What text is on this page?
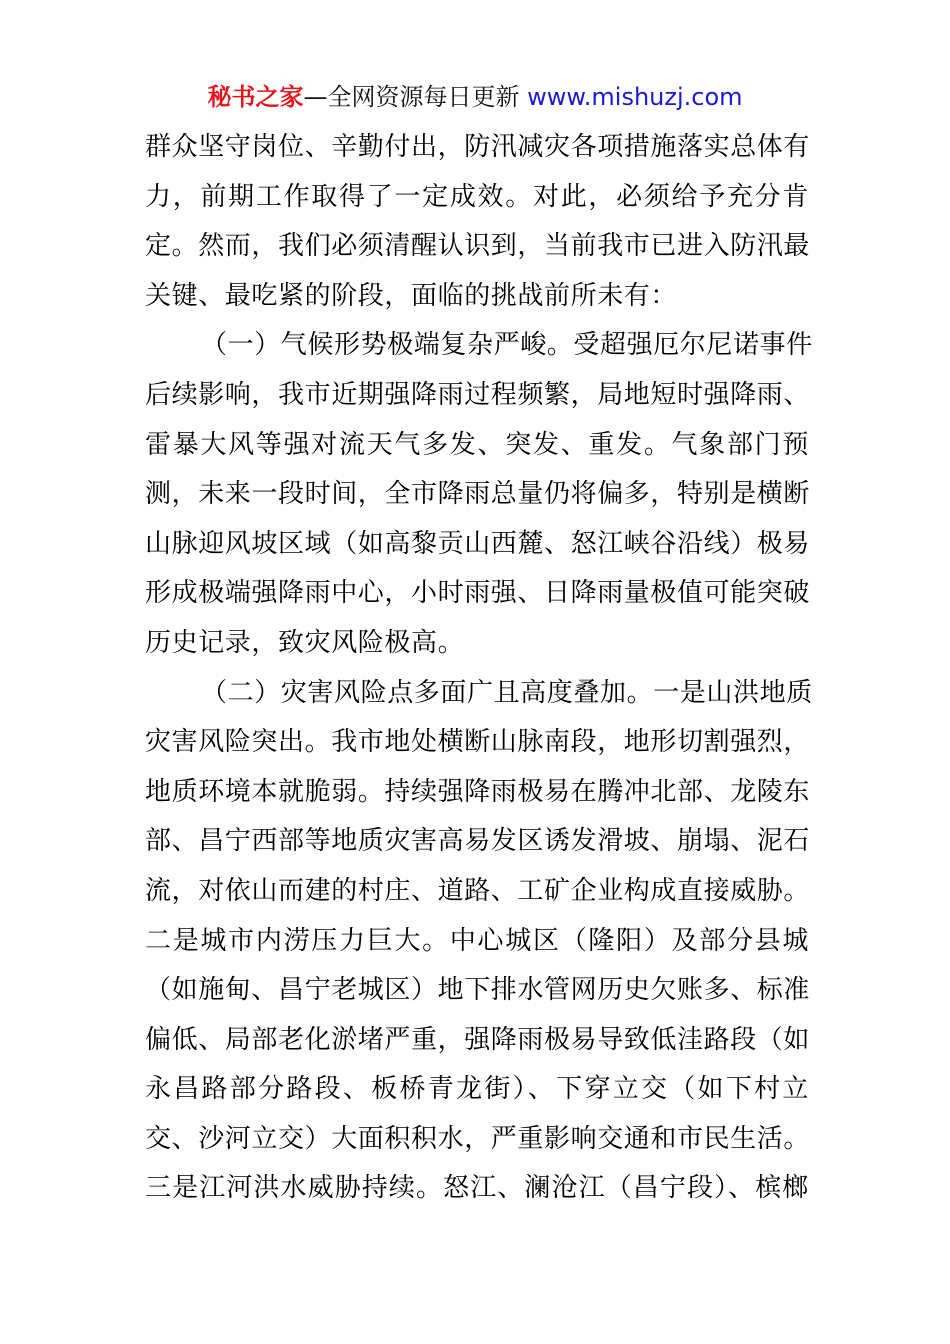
秘书之家—全网资源每日更新 www.mishuzj.com
群众坚守岗位、辛勤付出，防汛减灾各项措施落实总体有
力，前期工作取得了一定成效。对此，必须给予充分肯
定。然而，我们必须清醒认识到，当前我市已进入防汛最
关键、最吃紧的阶段，面临的挑战前所未有：
（一）气候形势极端复杂严峻。受超强厄尔尼诺事件
后续影响，我市近期强降雨过程频繁，局地短时强降雨、
雷暴大风等强对流天气多发、突发、重发。气象部门预
测，未来一段时间，全市降雨总量仍将偏多，特别是横断
山脉迎风坡区域（如高黎贡山西麓、怒江峡谷沿线）极易
形成极端强降雨中心，小时雨强、日降雨量极值可能突破
历史记录，致灾风险极高。
（二）灾害风险点多面广且高度叠加。一是山洪地质
灾害风险突出。我市地处横断山脉南段，地形切割强烈，
地质环境本就脆弱。持续强降雨极易在腾冲北部、龙陵东
部、昌宁西部等地质灾害高易发区诱发滑坡、崩塌、泥石
流，对依山而建的村庄、道路、工矿企业构成直接威胁。
二是城市内涝压力巨大。中心城区（隆阳）及部分县城
（如施甸、昌宁老城区）地下排水管网历史欠账多、标准
偏低、局部老化淤堵严重，强降雨极易导致低洼路段（如
永昌路部分路段、板桥青龙街）、下穿立交（如下村立
交、沙河立交）大面积积水，严重影响交通和市民生活。
三是江河洪水威胁持续。怒江、澜沧江（昌宁段）、槟榔
